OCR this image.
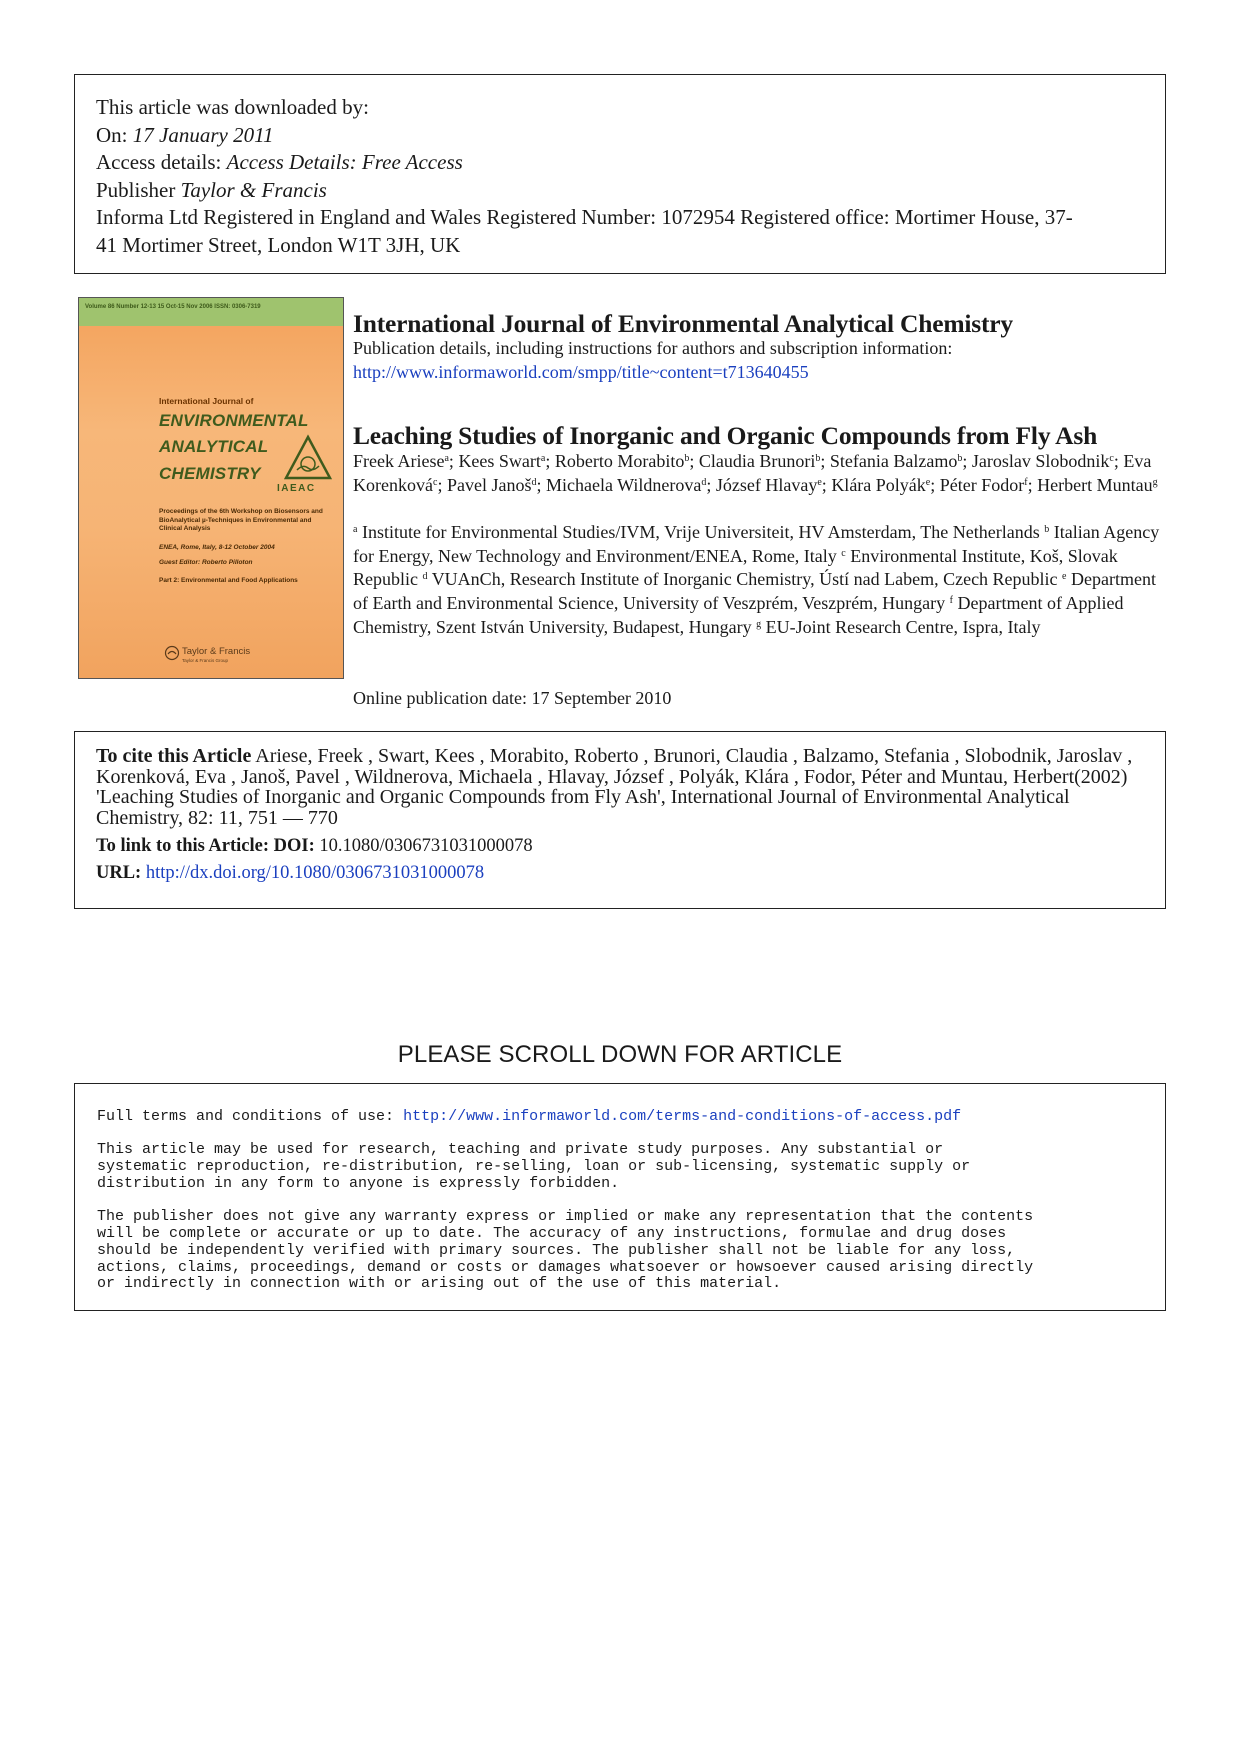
This article was downloaded by:
On: 17 January 2011
Access details: Access Details: Free Access
Publisher Taylor & Francis
Informa Ltd Registered in England and Wales Registered Number: 1072954 Registered office: Mortimer House, 37-
41 Mortimer Street, London W1T 3JH, UK
Volume 86 Number 12-13 15 Oct-15 Nov 2006 ISSN: 0306-7319
International Journal of
ENVIRONMENTAL
ANALYTICAL
CHEMISTRY
IAEAC
Proceedings of the 6th Workshop on Biosensors and BioAnalytical µ-Techniques in Environmental and Clinical Analysis
ENEA, Rome, Italy, 8-12 October 2004
Guest Editor: Roberto Pilloton
Part 2: Environmental and Food Applications
Taylor & Francis
Taylor & Francis Group
International Journal of Environmental Analytical Chemistry
Publication details, including instructions for authors and subscription information:
http://www.informaworld.com/smpp/title~content=t713640455
Leaching Studies of Inorganic and Organic Compounds from Fly Ash
Freek Ariese$^a$; Kees Swart$^a$; Roberto Morabito$^b$; Claudia Brunori$^b$; Stefania Balzamo$^b$; Jaroslav Slobodnik$^c$; Eva Korenková$^c$; Pavel Janoš$^d$; Michaela Wildnerova$^d$; József Hlavay$^e$; Klára Polyák$^e$; Péter Fodor$^f$; Herbert Muntau$^g$
$^a$ Institute for Environmental Studies/IVM, Vrije Universiteit, HV Amsterdam, The Netherlands $^b$ Italian Agency for Energy, New Technology and Environment/ENEA, Rome, Italy $^c$ Environmental Institute, Koš, Slovak Republic $^d$ VUAnCh, Research Institute of Inorganic Chemistry, Ústí nad Labem, Czech Republic $^e$ Department of Earth and Environmental Science, University of Veszprém, Veszprém, Hungary $^f$ Department of Applied Chemistry, Szent István University, Budapest, Hungary $^g$ EU-Joint Research Centre, Ispra, Italy
Online publication date: 17 September 2010
To cite this Article Ariese, Freek , Swart, Kees , Morabito, Roberto , Brunori, Claudia , Balzamo, Stefania , Slobodnik, Jaroslav , Korenková, Eva , Janoš, Pavel , Wildnerova, Michaela , Hlavay, József , Polyák, Klára , Fodor, Péter and Muntau, Herbert(2002) 'Leaching Studies of Inorganic and Organic Compounds from Fly Ash', International Journal of Environmental Analytical Chemistry, 82: 11, 751 — 770
To link to this Article: DOI: 10.1080/0306731031000078
URL: http://dx.doi.org/10.1080/0306731031000078
PLEASE SCROLL DOWN FOR ARTICLE
Full terms and conditions of use: http://www.informaworld.com/terms-and-conditions-of-access.pdf
This article may be used for research, teaching and private study purposes. Any substantial or
systematic reproduction, re-distribution, re-selling, loan or sub-licensing, systematic supply or
distribution in any form to anyone is expressly forbidden.
The publisher does not give any warranty express or implied or make any representation that the contents
will be complete or accurate or up to date. The accuracy of any instructions, formulae and drug doses
should be independently verified with primary sources. The publisher shall not be liable for any loss,
actions, claims, proceedings, demand or costs or damages whatsoever or howsoever caused arising directly
or indirectly in connection with or arising out of the use of this material.
